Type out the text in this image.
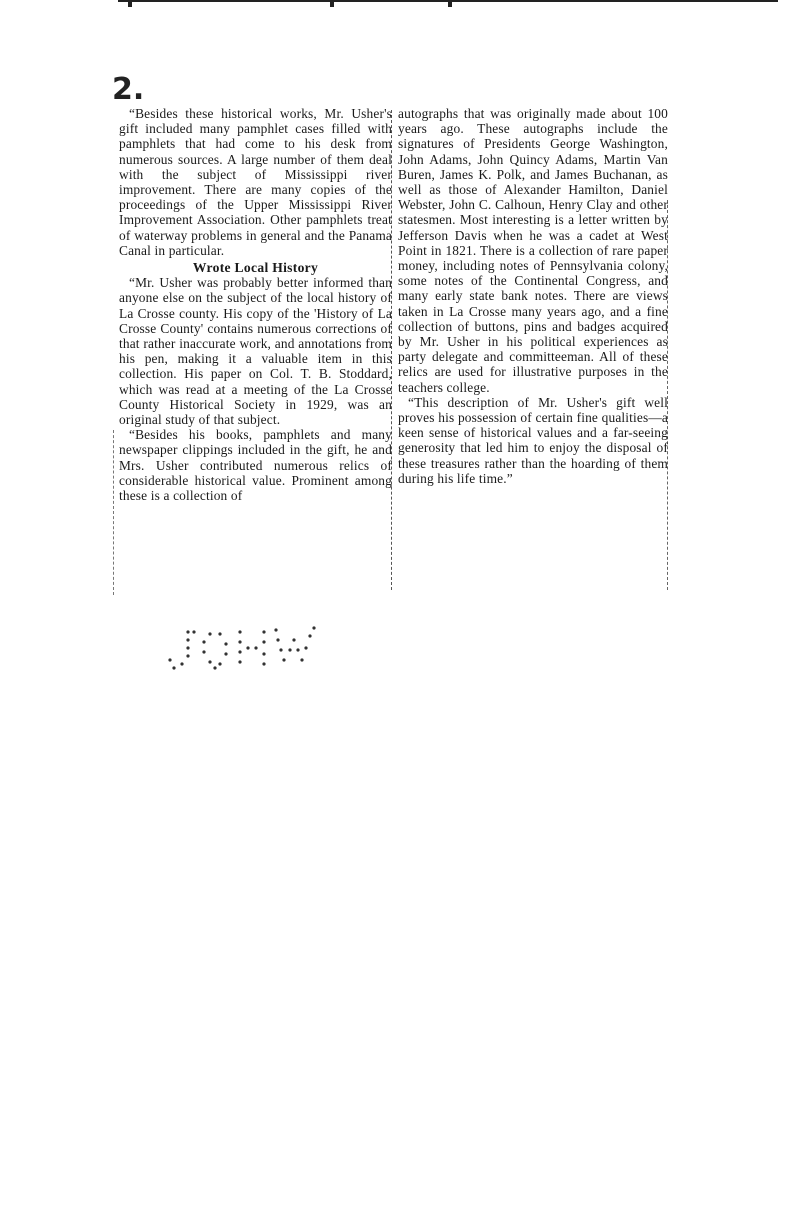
2.

“Besides these historical works, Mr. Usher's gift included many pamphlet cases filled with pamphlets that had come to his desk from numerous sources. A large number of them deal with the subject of Mississippi river improvement. There are many copies of the proceedings of the Upper Mississippi River Improvement Association. Other pamphlets treat of waterway problems in general and the Panama Canal in particular.

Wrote Local History

“Mr. Usher was probably better informed than anyone else on the subject of the local history of La Crosse county. His copy of the 'History of La Crosse County' contains numerous corrections of that rather inaccurate work, and annotations from his pen, making it a valuable item in this collection. His paper on Col. T. B. Stoddard, which was read at a meeting of the La Crosse County Historical Society in 1929, was an original study of that subject.

“Besides his books, pamphlets and many newspaper clippings included in the gift, he and Mrs. Usher contributed numerous relics of considerable historical value. Prominent among these is a collection of

autographs that was originally made about 100 years ago. These autographs include the signatures of Presidents George Washington, John Adams, John Quincy Adams, Martin Van Buren, James K. Polk, and James Buchanan, as well as those of Alexander Hamilton, Daniel Webster, John C. Calhoun, Henry Clay and other statesmen. Most interesting is a letter written by Jefferson Davis when he was a cadet at West Point in 1821. There is a collection of rare paper money, including notes of Pennsylvania colony, some notes of the Continental Congress, and many early state bank notes. There are views taken in La Crosse many years ago, and a fine collection of buttons, pins and badges acquired by Mr. Usher in his political experiences as party delegate and committeeman. All of these relics are used for illustrative purposes in the teachers college.

“This description of Mr. Usher's gift well proves his possession of certain fine qualities—a keen sense of historical values and a far-seeing generosity that led him to enjoy the disposal of these treasures rather than the hoarding of them during his life time.”
